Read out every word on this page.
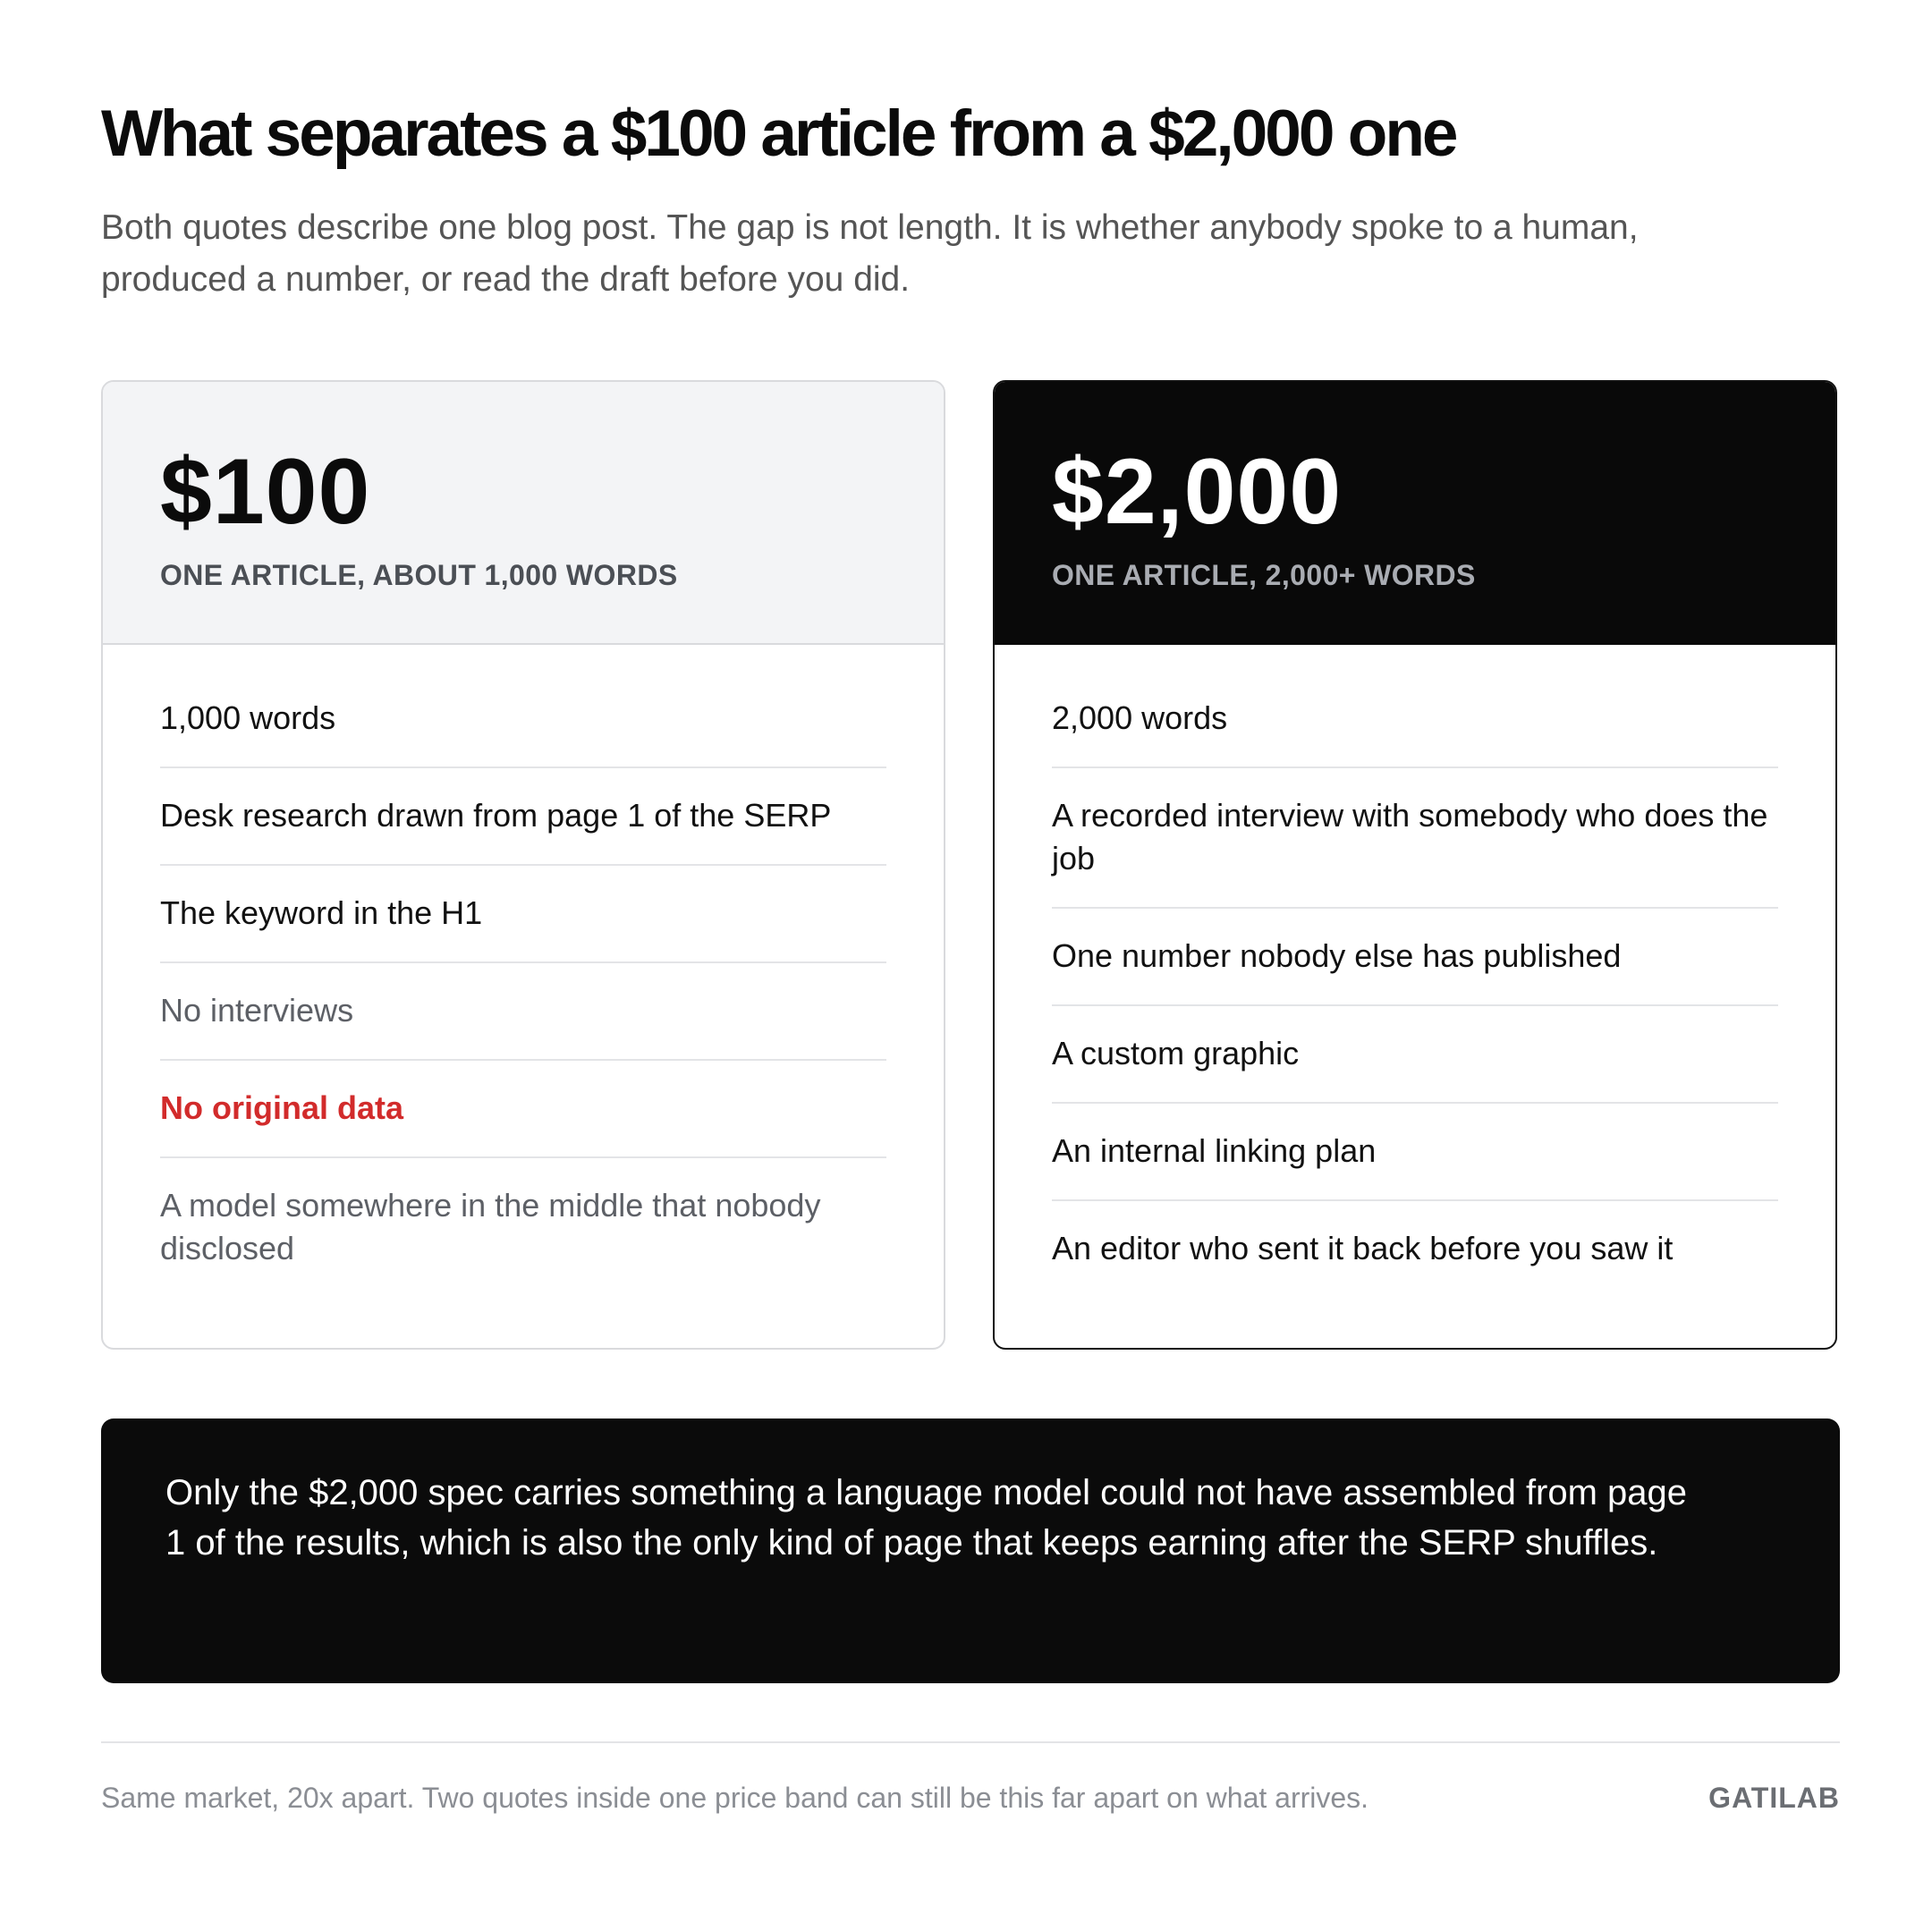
What separates a $100 article from a $2,000 one

Both quotes describe one blog post. The gap is not length. It is whether anybody spoke to a human, produced a number, or read the draft before you did.

$100

ONE ARTICLE, ABOUT 1,000 WORDS

1,000 words
Desk research drawn from page 1 of the SERP
The keyword in the H1
No interviews
No original data
A model somewhere in the middle that nobody disclosed
$2,000

ONE ARTICLE, 2,000+ WORDS

2,000 words
A recorded interview with somebody who does the job
One number nobody else has published
A custom graphic
An internal linking plan
An editor who sent it back before you saw it

Only the $2,000 spec carries something a language model could not have assembled from page 1 of the results, which is also the only kind of page that keeps earning after the SERP shuffles.

Same market, 20x apart. Two quotes inside one price band can still be this far apart on what arrives.	GATILAB
